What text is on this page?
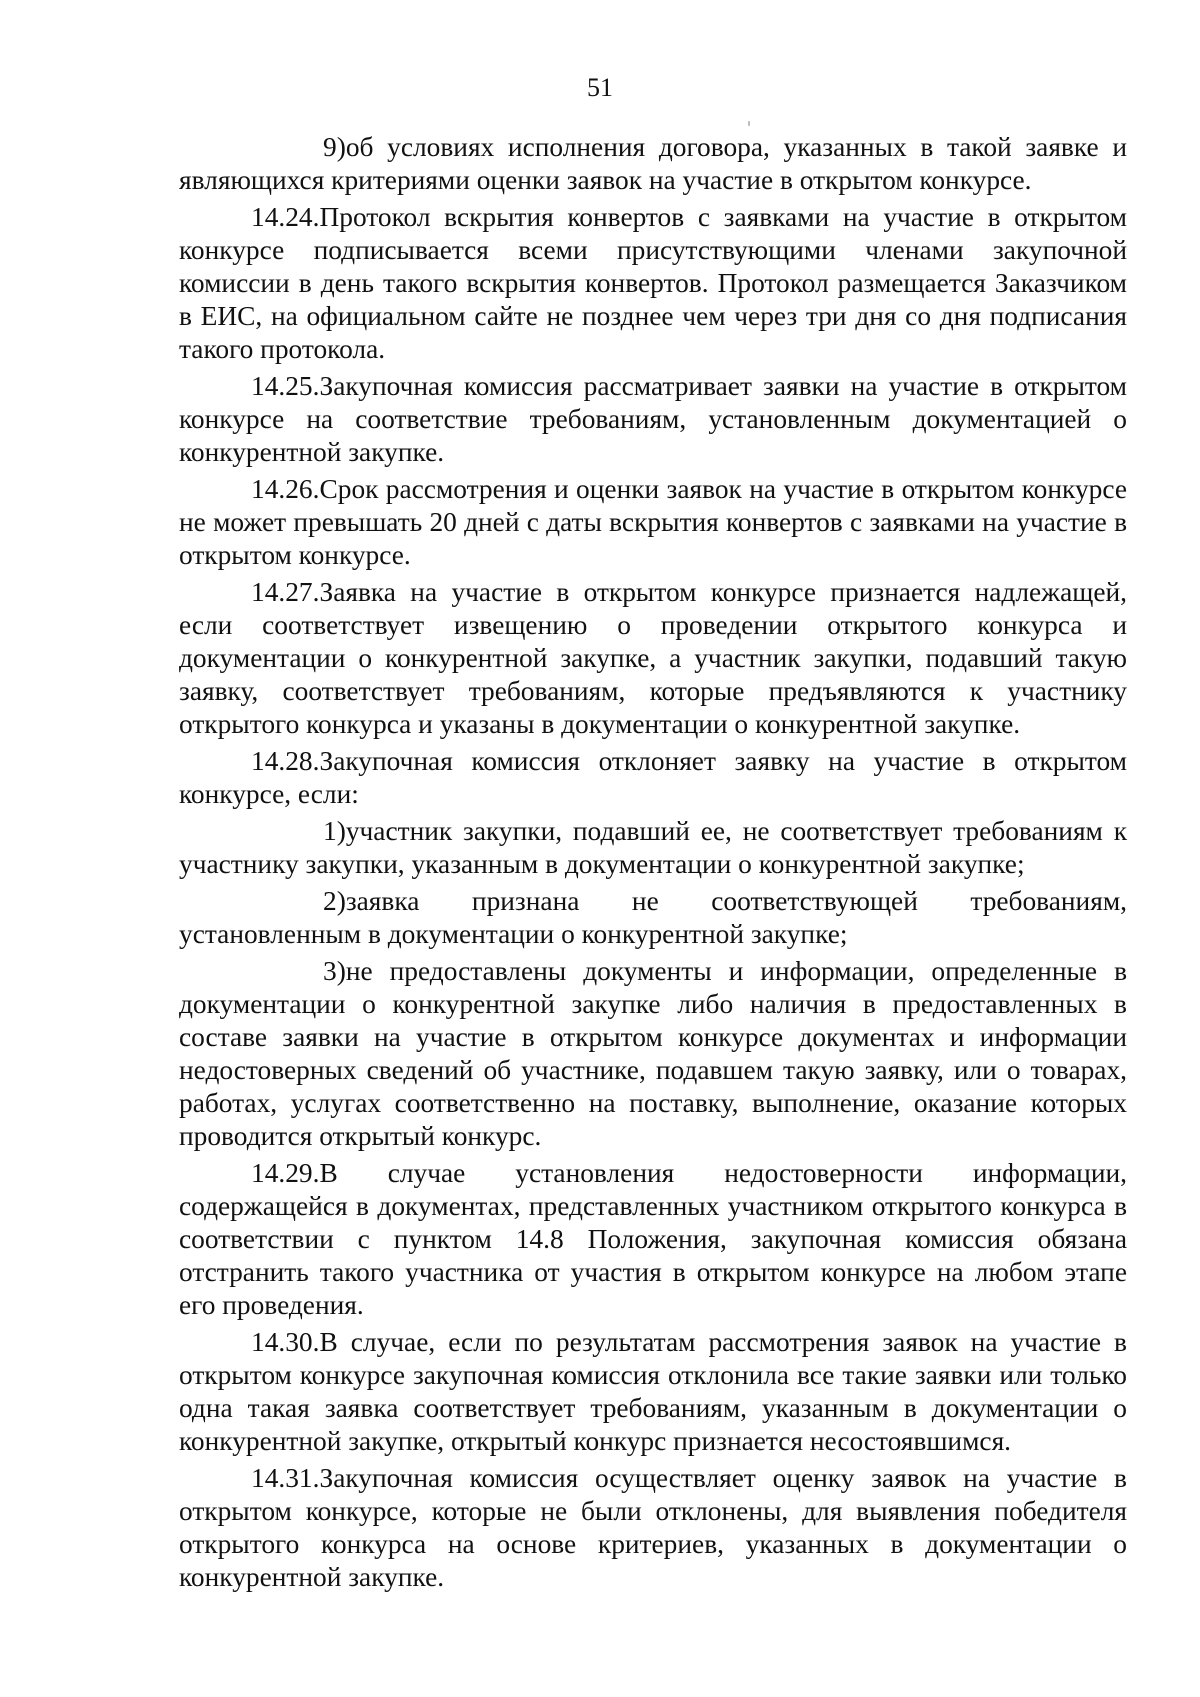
51

9)об условиях исполнения договора, указанных в такой заявке и являющихся критериями оценки заявок на участие в открытом конкурсе.

14.24.Протокол вскрытия конвертов с заявками на участие в открытом конкурсе подписывается всеми присутствующими членами закупочной комиссии в день такого вскрытия конвертов. Протокол размещается Заказчиком в ЕИС, на официальном сайте не позднее чем через три дня со дня подписания такого протокола.

14.25.Закупочная комиссия рассматривает заявки на участие в открытом конкурсе на соответствие требованиям, установленным документацией о конкурентной закупке.

14.26.Срок рассмотрения и оценки заявок на участие в открытом конкурсе не может превышать 20 дней с даты вскрытия конвертов с заявками на участие в открытом конкурсе.

14.27.Заявка на участие в открытом конкурсе признается надлежащей, если соответствует извещению о проведении открытого конкурса и документации о конкурентной закупке, а участник закупки, подавший такую заявку, соответствует требованиям, которые предъявляются к участнику открытого конкурса и указаны в документации о конкурентной закупке.

14.28.Закупочная комиссия отклоняет заявку на участие в открытом конкурсе, если:

1)участник закупки, подавший ее, не соответствует требованиям к участнику закупки, указанным в документации о конкурентной закупке;

2)заявка признана не соответствующей требованиям, установленным в документации о конкурентной закупке;

3)не предоставлены документы и информации, определенные в документации о конкурентной закупке либо наличия в предоставленных в составе заявки на участие в открытом конкурсе документах и информации недостоверных сведений об участнике, подавшем такую заявку, или о товарах, работах, услугах соответственно на поставку, выполнение, оказание которых проводится открытый конкурс.

14.29.В случае установления недостоверности информации, содержащейся в документах, представленных участником открытого конкурса в соответствии с пунктом 14.8 Положения, закупочная комиссия обязана отстранить такого участника от участия в открытом конкурсе на любом этапе его проведения.

14.30.В случае, если по результатам рассмотрения заявок на участие в открытом конкурсе закупочная комиссия отклонила все такие заявки или только одна такая заявка соответствует требованиям, указанным в документации о конкурентной закупке, открытый конкурс признается несостоявшимся.

14.31.Закупочная комиссия осуществляет оценку заявок на участие в открытом конкурсе, которые не были отклонены, для выявления победителя открытого конкурса на основе критериев, указанных в документации о конкурентной закупке.
